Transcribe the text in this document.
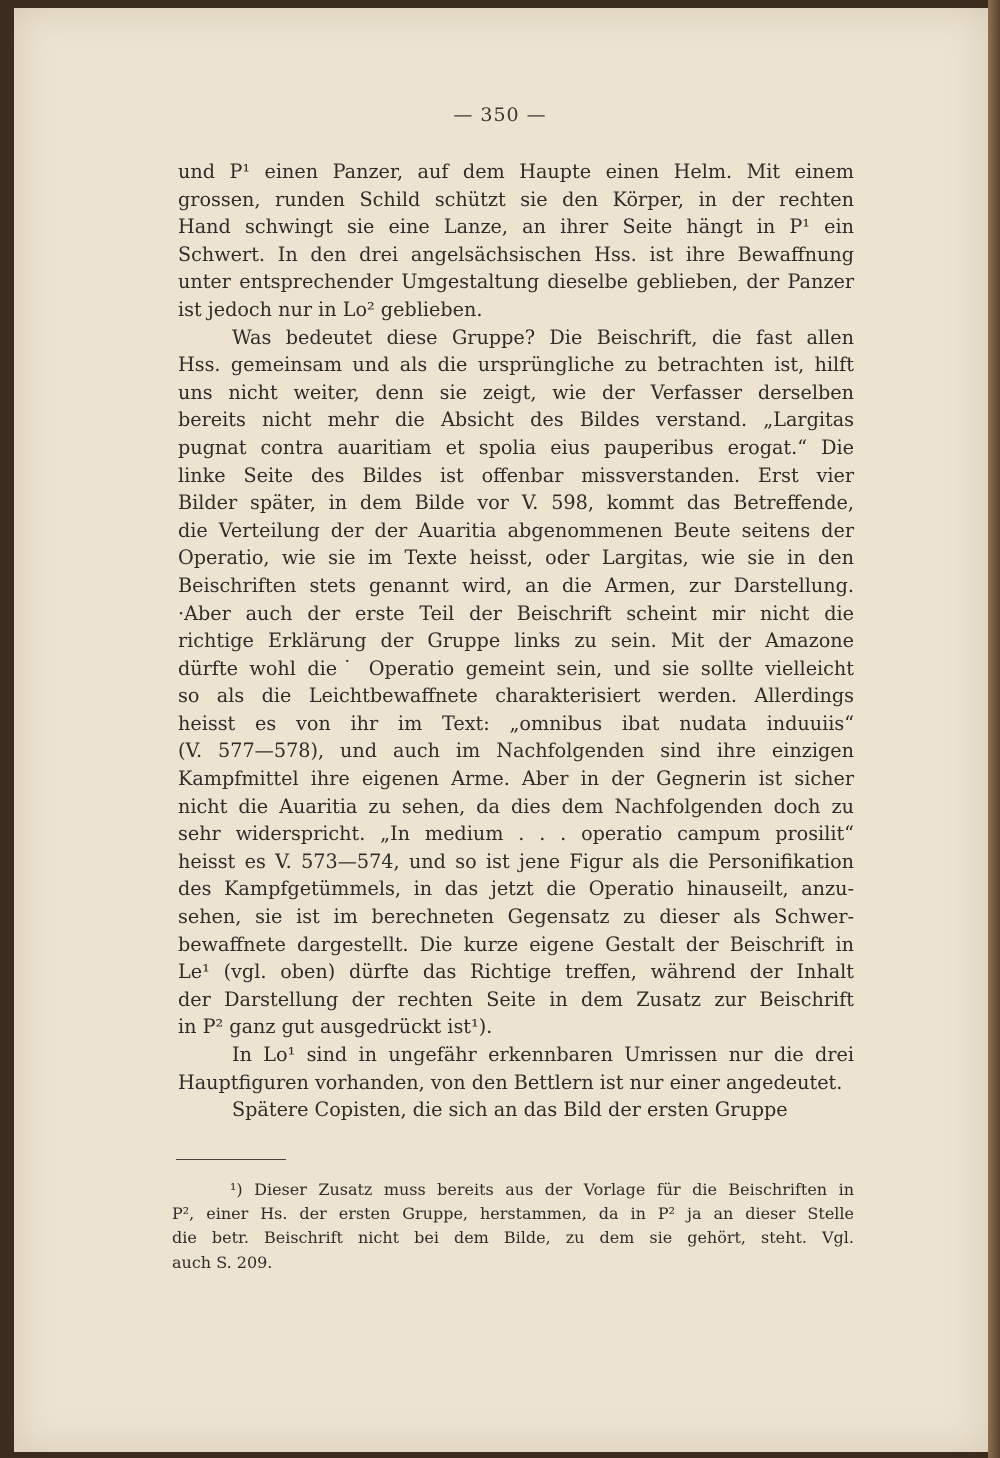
— 350 —

und P¹ einen Panzer, auf dem Haupte einen Helm. Mit einem
grossen, runden Schild schützt sie den Körper, in der rechten
Hand schwingt sie eine Lanze, an ihrer Seite hängt in P¹ ein
Schwert. In den drei angelsächsischen Hss. ist ihre Bewaffnung
unter entsprechender Umgestaltung dieselbe geblieben, der Panzer
ist jedoch nur in Lo² geblieben.

Was bedeutet diese Gruppe? Die Beischrift, die fast allen
Hss. gemeinsam und als die ursprüngliche zu betrachten ist, hilft
uns nicht weiter, denn sie zeigt, wie der Verfasser derselben
bereits nicht mehr die Absicht des Bildes verstand. „Largitas
pugnat contra auaritiam et spolia eius pauperibus erogat.“ Die
linke Seite des Bildes ist offenbar missverstanden. Erst vier
Bilder später, in dem Bilde vor V. 598, kommt das Betreffende,
die Verteilung der der Auaritia abgenommenen Beute seitens der
Operatio, wie sie im Texte heisst, oder Largitas, wie sie in den
Beischriften stets genannt wird, an die Armen, zur Darstellung.
·Aber auch der erste Teil der Beischrift scheint mir nicht die
richtige Erklärung der Gruppe links zu sein. Mit der Amazone
dürfte wohl die˙ Operatio gemeint sein, und sie sollte vielleicht
so als die Leichtbewaffnete charakterisiert werden. Allerdings
heisst es von ihr im Text: „omnibus ibat nudata induuiis“
(V. 577—578), und auch im Nachfolgenden sind ihre einzigen
Kampfmittel ihre eigenen Arme. Aber in der Gegnerin ist sicher
nicht die Auaritia zu sehen, da dies dem Nachfolgenden doch zu
sehr widerspricht. „In medium . . . operatio campum prosilit“
heisst es V. 573—574, und so ist jene Figur als die Personifikation
des Kampfgetümmels, in das jetzt die Operatio hinauseilt, anzu-
sehen, sie ist im berechneten Gegensatz zu dieser als Schwer-
bewaffnete dargestellt. Die kurze eigene Gestalt der Beischrift in
Le¹ (vgl. oben) dürfte das Richtige treffen, während der Inhalt
der Darstellung der rechten Seite in dem Zusatz zur Beischrift
in P² ganz gut ausgedrückt ist¹).

In Lo¹ sind in ungefähr erkennbaren Umrissen nur die drei
Hauptfiguren vorhanden, von den Bettlern ist nur einer angedeutet.

Spätere Copisten, die sich an das Bild der ersten Gruppe

¹) Dieser Zusatz muss bereits aus der Vorlage für die Beischriften in
P², einer Hs. der ersten Gruppe, herstammen, da in P² ja an dieser Stelle
die betr. Beischrift nicht bei dem Bilde, zu dem sie gehört, steht. Vgl.
auch S. 209.
